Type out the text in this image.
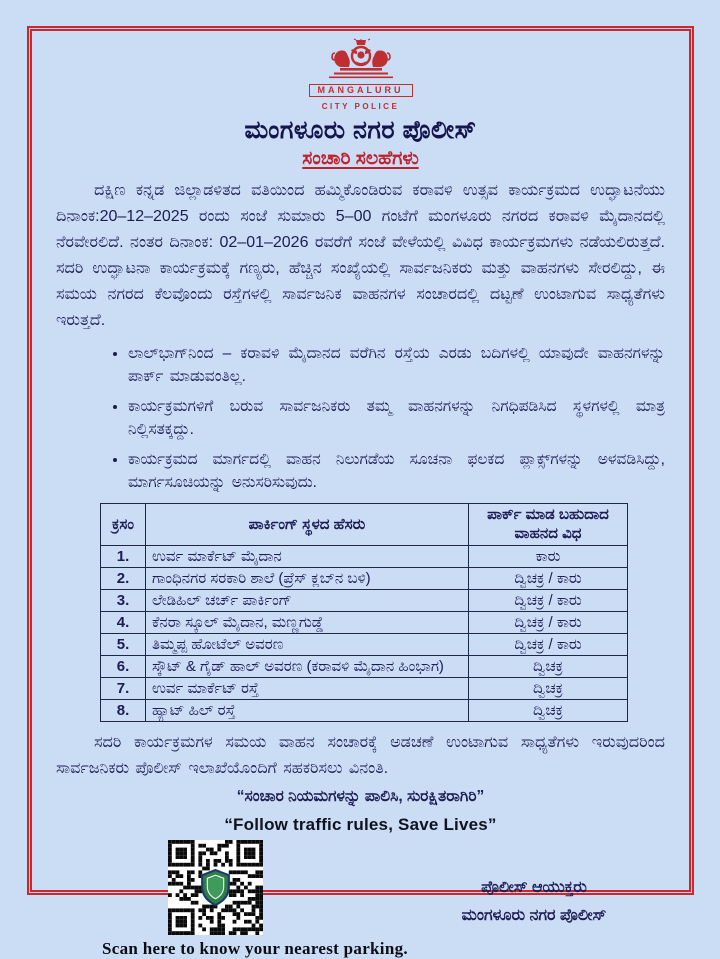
MANGALURU
CITY POLICE
ಮಂಗಳೂರು ನಗರ ಪೊಲೀಸ್
ಸಂಚಾರಿ ಸಲಹೆಗಳು

ದಕ್ಷಿಣ ಕನ್ನಡ ಜಿಲ್ಲಾಡಳಿತದ ವತಿಯಿಂದ ಹಮ್ಮಿಕೊಂಡಿರುವ ಕರಾವಳಿ ಉತ್ಸವ ಕಾರ್ಯಕ್ರಮದ ಉದ್ಘಾಟನೆಯು ದಿನಾಂಕ:20–12–2025 ರಂದು ಸಂಜೆ ಸುಮಾರು 5–00 ಗಂಟೆಗೆ ಮಂಗಳೂರು ನಗರದ ಕರಾವಳಿ ಮೈದಾನದಲ್ಲಿ ನೆರವೇರಲಿದೆ. ನಂತರ ದಿನಾಂಕ: 02–01–2026 ರವರೆಗೆ ಸಂಜೆ ವೇಳೆಯಲ್ಲಿ ವಿವಿಧ ಕಾರ್ಯಕ್ರಮಗಳು ನಡೆಯಲಿರುತ್ತದೆ. ಸದರಿ ಉದ್ಘಾಟನಾ ಕಾರ್ಯಕ್ರಮಕ್ಕೆ ಗಣ್ಯರು, ಹೆಚ್ಚಿನ ಸಂಖ್ಯೆಯಲ್ಲಿ ಸಾರ್ವಜನಿಕರು ಮತ್ತು ವಾಹನಗಳು ಸೇರಲಿದ್ದು, ಈ ಸಮಯ ನಗರದ ಕೆಲವೊಂದು ರಸ್ತೆಗಳಲ್ಲಿ ಸಾರ್ವಜನಿಕ ವಾಹನಗಳ ಸಂಚಾರದಲ್ಲಿ ದಟ್ಟಣೆ ಉಂಟಾಗುವ ಸಾಧ್ಯತೆಗಳು ಇರುತ್ತದೆ.

• ಲಾಲ್‌ಭಾಗ್‌ನಿಂದ – ಕರಾವಳಿ ಮೈದಾನದ ವರೆಗಿನ ರಸ್ತೆಯ ಎರಡು ಬದಿಗಳಲ್ಲಿ ಯಾವುದೇ ವಾಹನಗಳನ್ನು ಪಾರ್ಕ್ ಮಾಡುವಂತಿಲ್ಲ.
• ಕಾರ್ಯಕ್ರಮಗಳಿಗೆ ಬರುವ ಸಾರ್ವಜನಿಕರು ತಮ್ಮ ವಾಹನಗಳನ್ನು ನಿಗಧಿಪಡಿಸಿದ ಸ್ಥಳಗಳಲ್ಲಿ ಮಾತ್ರ ನಿಲ್ಲಿಸತಕ್ಕದ್ದು.
• ಕಾರ್ಯಕ್ರಮದ ಮಾರ್ಗದಲ್ಲಿ ವಾಹನ ನಿಲುಗಡೆಯ ಸೂಚನಾ ಫಲಕದ ಪ್ಲಾಕ್ಸ್‌ಗಳನ್ನು ಅಳವಡಿಸಿದ್ದು, ಮಾರ್ಗಸೂಚಿಯನ್ನು ಅನುಸರಿಸುವುದು.
ಕ್ರಸಂ	ಪಾರ್ಕಿಂಗ್ ಸ್ಥಳದ ಹೆಸರು	ಪಾರ್ಕ್ ಮಾಡ ಬಹುದಾದ ವಾಹನದ ವಿಧ
1.	ಉರ್ವ ಮಾರ್ಕೆಟ್ ಮೈದಾನ	ಕಾರು
2.	ಗಾಂಧಿನಗರ ಸರಕಾರಿ ಶಾಲೆ (ಪ್ರೆಸ್ ಕ್ಲಬ್‌ನ ಬಳಿ)	ದ್ವಿಚಕ್ರ / ಕಾರು
3.	ಲೇಡಿಹಿಲ್ ಚರ್ಚ್ ಪಾರ್ಕಿಂಗ್	ದ್ವಿಚಕ್ರ / ಕಾರು
4.	ಕೆನರಾ ಸ್ಕೂಲ್ ಮೈದಾನ, ಮಣ್ಣಗುಡ್ಡೆ	ದ್ವಿಚಕ್ರ / ಕಾರು
5.	ತಿಮ್ಮಪ್ಪ ಹೋಟೆಲ್ ಅವರಣ	ದ್ವಿಚಕ್ರ / ಕಾರು
6.	ಸ್ಕೌಟ್ & ಗೈಡ್ ಹಾಲ್ ಅವರಣ (ಕರಾವಳಿ ಮೈದಾನ ಹಿಂಭಾಗ)	ದ್ವಿಚಕ್ರ
7.	ಉರ್ವ ಮಾರ್ಕೆಟ್ ರಸ್ತೆ	ದ್ವಿಚಕ್ರ
8.	ಹ್ಯಾಟ್ ಹಿಲ್ ರಸ್ತೆ	ದ್ವಿಚಕ್ರ

ಸದರಿ ಕಾರ್ಯಕ್ರಮಗಳ ಸಮಯ ವಾಹನ ಸಂಚಾರಕ್ಕೆ ಅಡಚಣೆ ಉಂಟಾಗುವ ಸಾಧ್ಯತೆಗಳು ಇರುವುದರಿಂದ ಸಾರ್ವಜನಿಕರು ಪೊಲೀಸ್ ಇಲಾಖೆಯೊಂದಿಗೆ ಸಹಕರಿಸಲು ವಿನಂತಿ.

“ಸಂಚಾರ ನಿಯಮಗಳನ್ನು ಪಾಲಿಸಿ, ಸುರಕ್ಷಿತರಾಗಿರಿ”

“Follow traffic rules, Save Lives”

ಪೊಲೀಸ್ ಆಯುಕ್ತರು
ಮಂಗಳೂರು ನಗರ ಪೊಲೀಸ್
Scan here to know your nearest parking.
